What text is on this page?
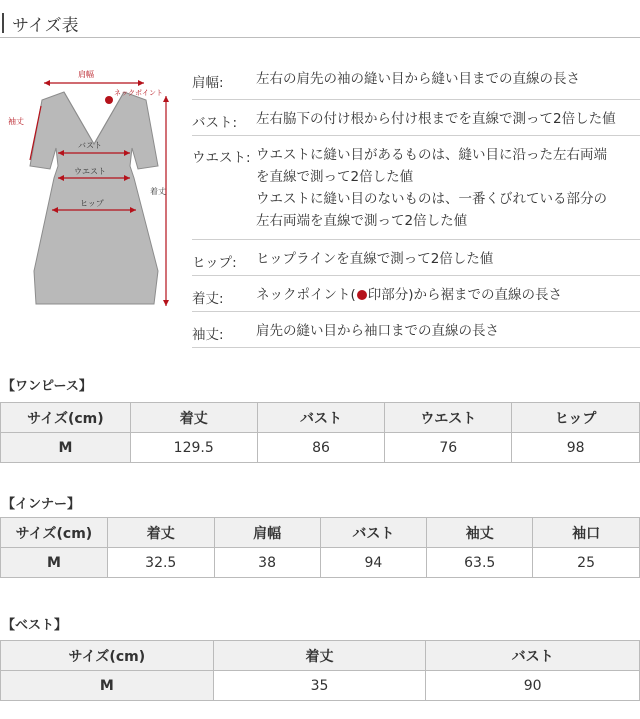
サイズ表
肩幅
ネックポイント
袖丈
バスト
ウエスト
ヒップ
着丈
肩幅: 左右の肩先の袖の縫い目から縫い目までの直線の長さ
バスト: 左右脇下の付け根から付け根までを直線で測って2倍した値
ウエスト: ウエストに縫い目があるものは、縫い目に沿った左右両端
を直線で測って2倍した値
ウエストに縫い目のないものは、一番くびれている部分の
左右両端を直線で測って2倍した値
ヒップ: ヒップラインを直線で測って2倍した値
着丈: ネックポイント( 印部分)から裾までの直線の長さ
袖丈: 肩先の縫い目から袖口までの直線の長さ
【ワンピース】
サイズ(cm)	着丈	バスト	ウエスト	ヒップ
M	129.5	86	76	98
【インナー】
サイズ(cm)	着丈	肩幅	バスト	袖丈	袖口
M	32.5	38	94	63.5	25
【ベスト】
サイズ(cm)	着丈	バスト
M	35	90
